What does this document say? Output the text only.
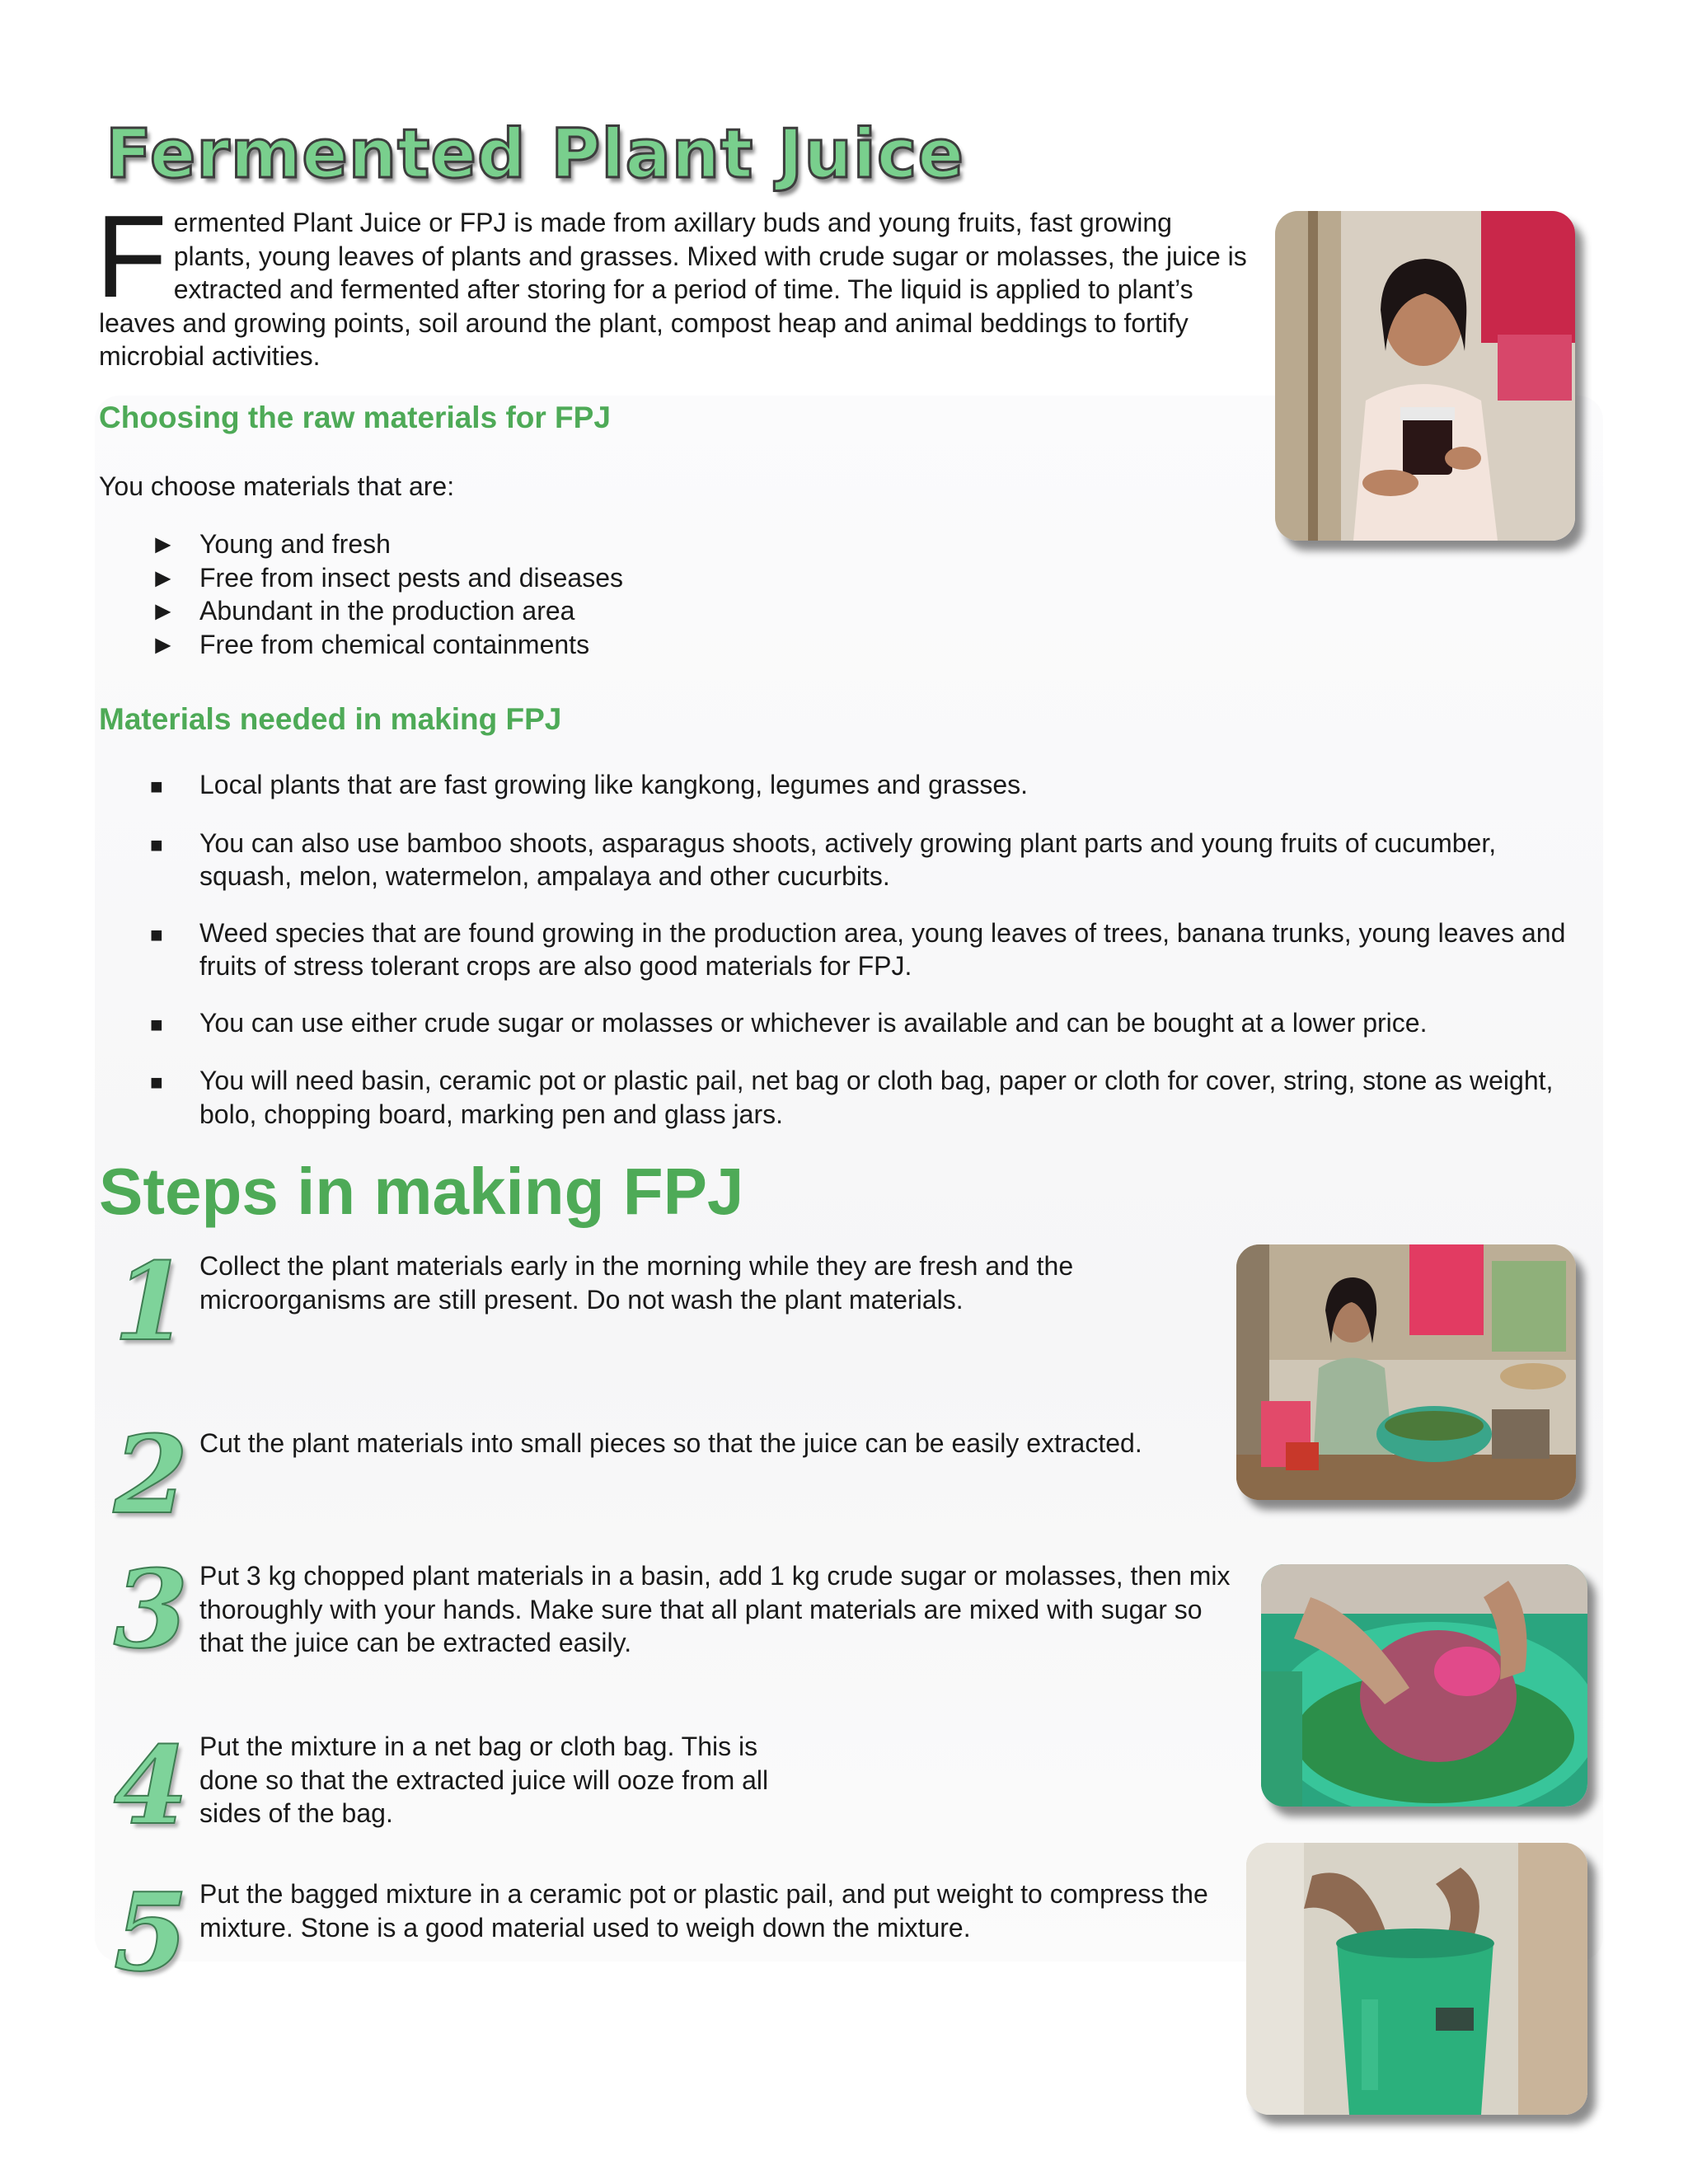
Fermented Plant Juice

Fermented Plant Juice or FPJ is made from axillary buds and young fruits, fast growing plants, young leaves of plants and grasses. Mixed with crude sugar or molasses, the juice is extracted and fermented after storing for a period of time. The liquid is applied to plant’s leaves and growing points, soil around the plant, compost heap and animal beddings to fortify microbial activities.

Choosing the raw materials for FPJ

You choose materials that are:

► Young and fresh
► Free from insect pests and diseases
► Abundant in the production area
► Free from chemical containments
Materials needed in making FPJ
■	Local plants that are fast growing like kangkong, legumes and grasses.
■	You can also use bamboo shoots, asparagus shoots, actively growing plant parts and young fruits of cucumber, squash, melon, watermelon, ampalaya and other cucurbits.
■	Weed species that are found growing in the production area, young leaves of trees, banana trunks, young leaves and fruits of stress tolerant crops are also good materials for FPJ.
■	You can use either crude sugar or molasses or whichever is available and can be bought at a lower price.
■	You will need basin, ceramic pot or plastic pail, net bag or cloth bag, paper or cloth for cover, string, stone as weight, bolo, chopping board, marking pen and glass jars.
Steps in making FPJ
1 Collect the plant materials early in the morning while they are fresh and the microorganisms are still present. Do not wash the plant materials.

2 Cut the plant materials into small pieces so that the juice can be easily extracted.

3 Put 3 kg chopped plant materials in a basin, add 1 kg crude sugar or molasses, then mix thoroughly with your hands. Make sure that all plant materials are mixed with sugar so that the juice can be extracted easily.

4 Put the mixture in a net bag or cloth bag. This is done so that the extracted juice will ooze from all sides of the bag.

5 Put the bagged mixture in a ceramic pot or plastic pail, and put weight to compress the mixture. Stone is a good material used to weigh down the mixture.
